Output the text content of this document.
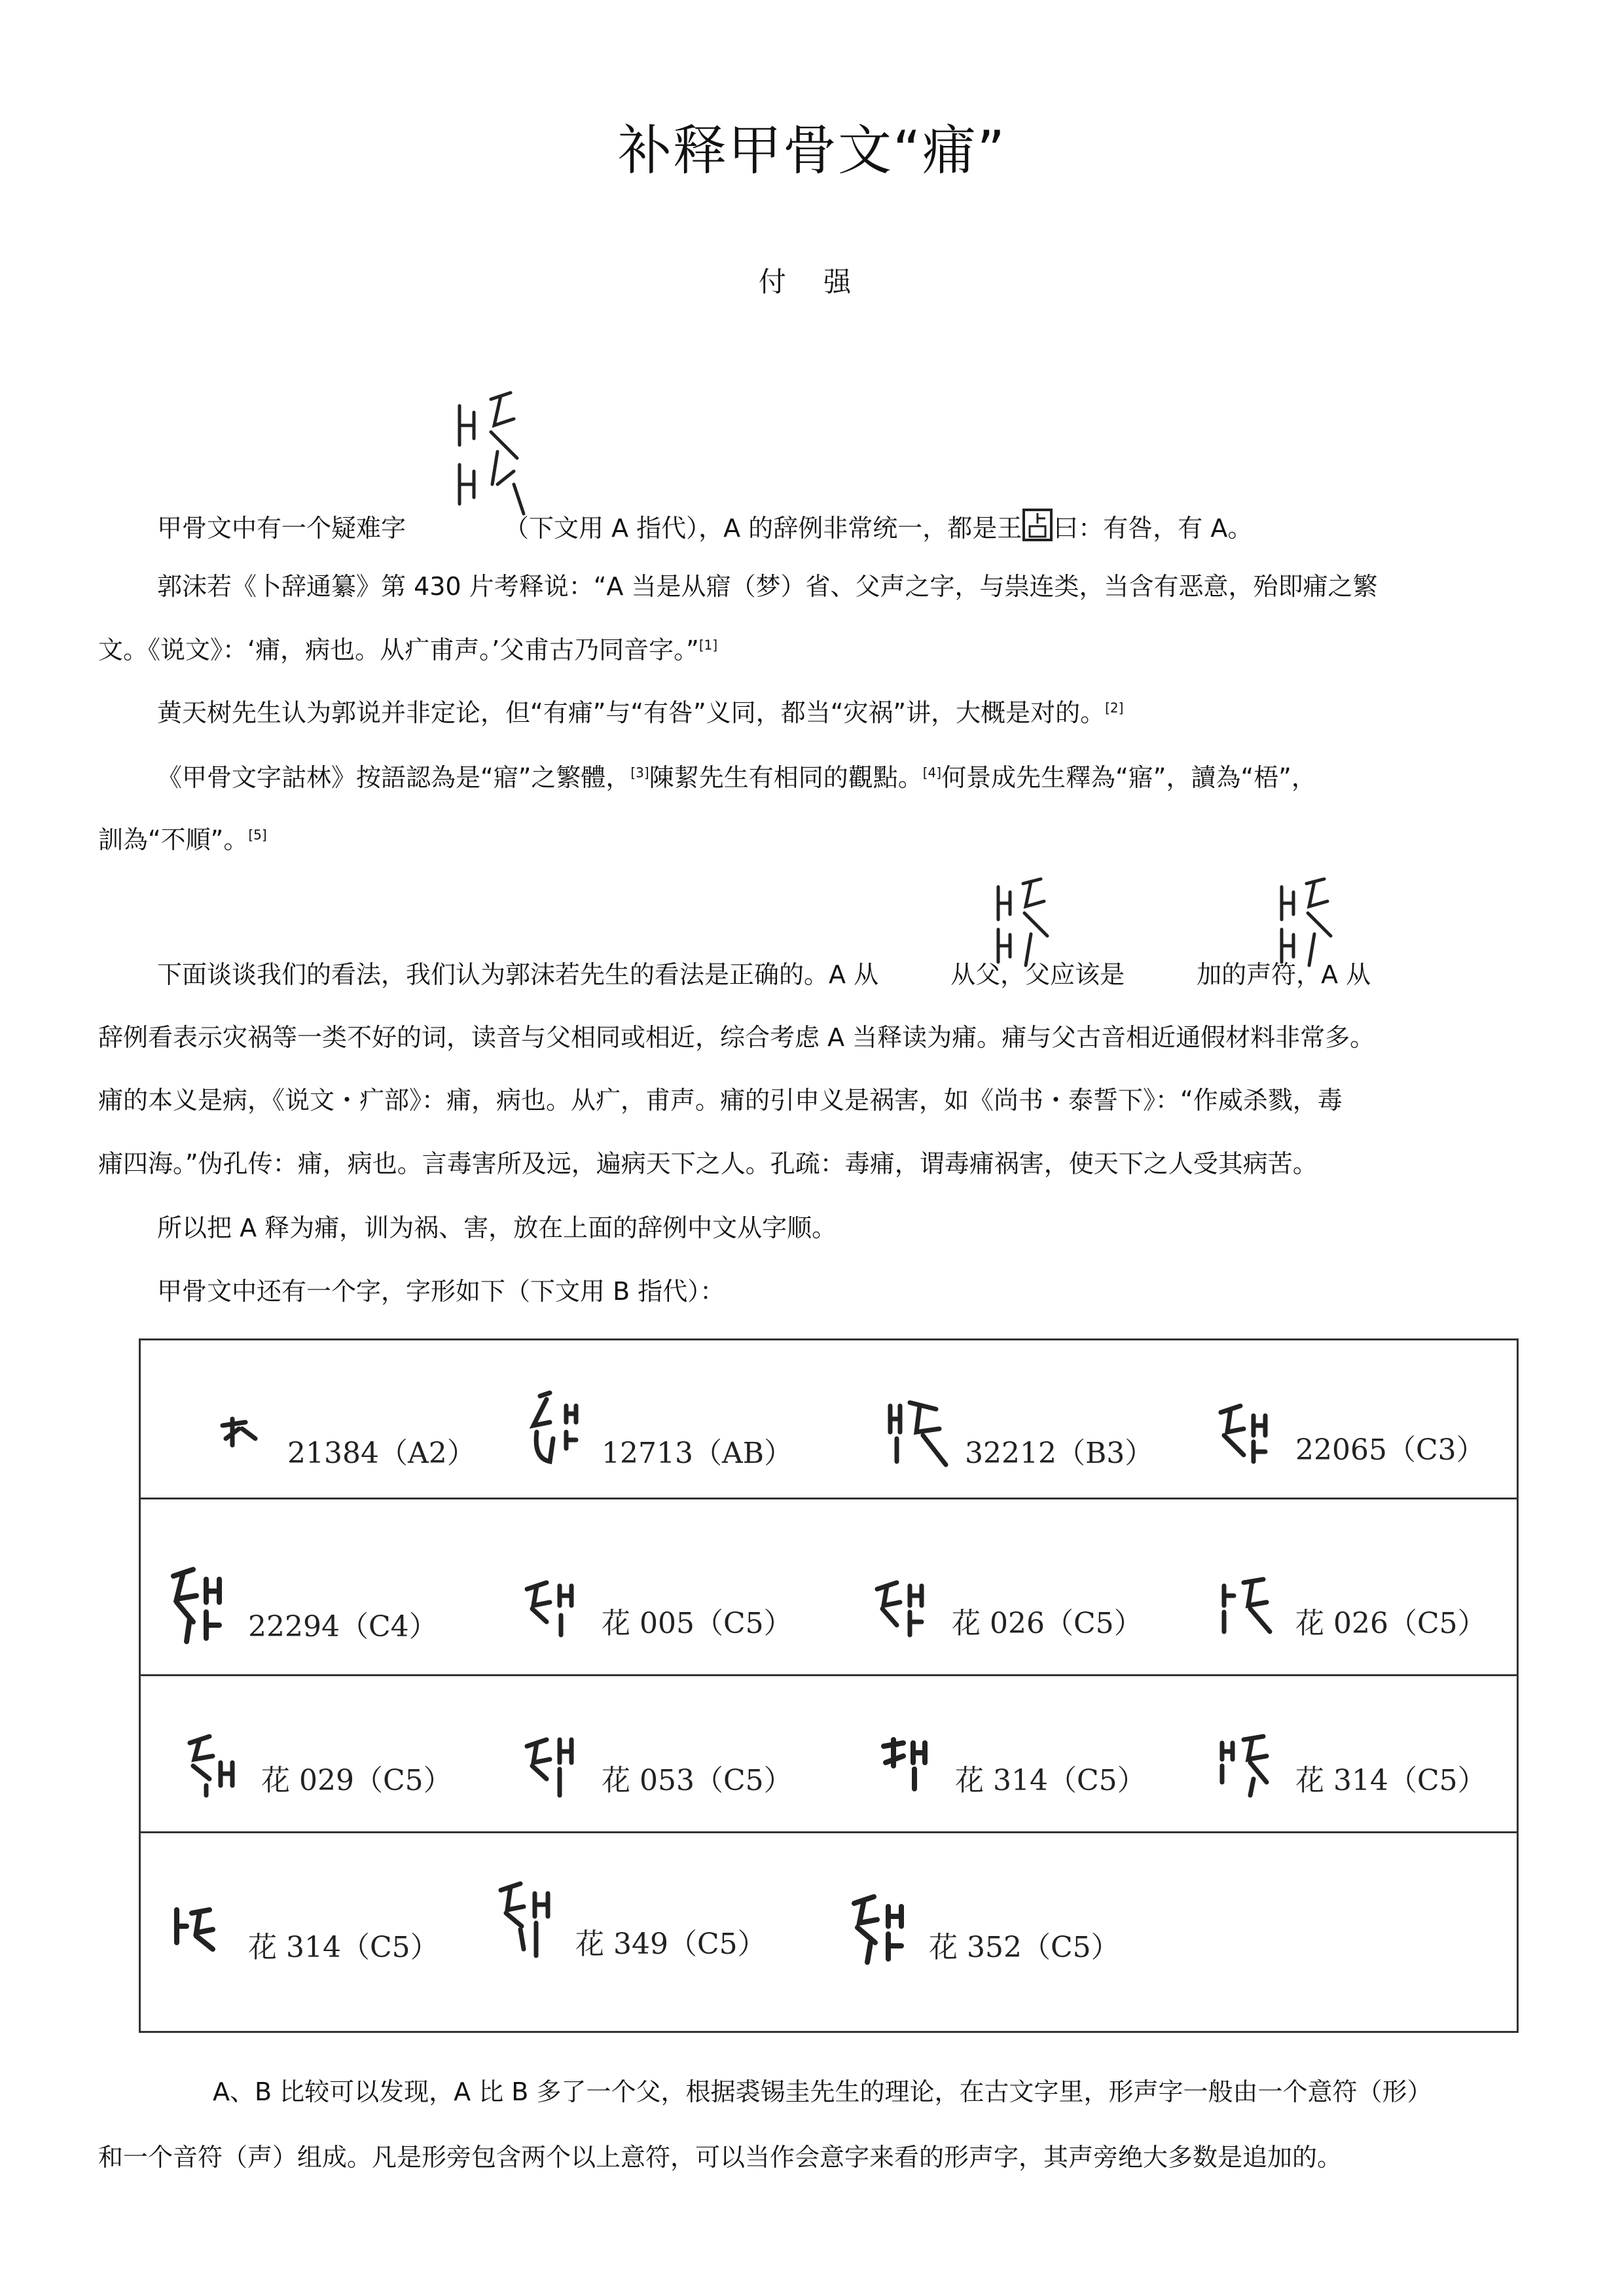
补释甲骨文“痡”
付 强
甲骨文中有一个疑难字	（下文用 A 指代），A 的辞例非常统一，都是王 曰：有咎，有 A。
郭沫若《卜辞通纂》第 430 片考释说：“A 当是从寣（梦）省、父声之字，与祟连类，当含有恶意，殆即痡之繁
文。《说文》：‘痡，病也。从疒甫声。’父甫古乃同音字。”[1]
黄天树先生认为郭说并非定论，但“有痡”与“有咎”义同，都当“灾祸”讲，大概是对的。[2]
《甲骨文字詁林》按語認為是“寣”之繁體，[3]陳絜先生有相同的觀點。[4]何景成先生釋為“寤”，讀為“梧”，
訓為“不順”。[5]
下面谈谈我们的看法，我们认为郭沫若先生的看法是正确的。A 从	从父，父应该是	加的声符，A 从
辞例看表示灾祸等一类不好的词，读音与父相同或相近，综合考虑 A 当释读为痡。痡与父古音相近通假材料非常多。
痡的本义是病，《说文・疒部》：痡，病也。从疒，甫声。痡的引申义是祸害，如《尚书・泰誓下》：“作威杀戮，毒
痡四海。”伪孔传：痡，病也。言毒害所及远，遍病天下之人。孔疏：毒痡，谓毒痡祸害，使天下之人受其病苦。
所以把 A 释为痡，训为祸、害，放在上面的辞例中文从字顺。
甲骨文中还有一个字，字形如下（下文用 B 指代）：
21384（A2）	12713（AB）	32212（B3）	22065（C3）
22294（C4）	花 005（C5）	花 026（C5）	花 026（C5）
花 029（C5）	花 053（C5）	花 314（C5）	花 314（C5）
花 314（C5）	花 349（C5）	花 352（C5）
A、B 比较可以发现，A 比 B 多了一个父，根据裘锡圭先生的理论，在古文字里，形声字一般由一个意符（形）
和一个音符（声）组成。凡是形旁包含两个以上意符，可以当作会意字来看的形声字，其声旁绝大多数是追加的。
